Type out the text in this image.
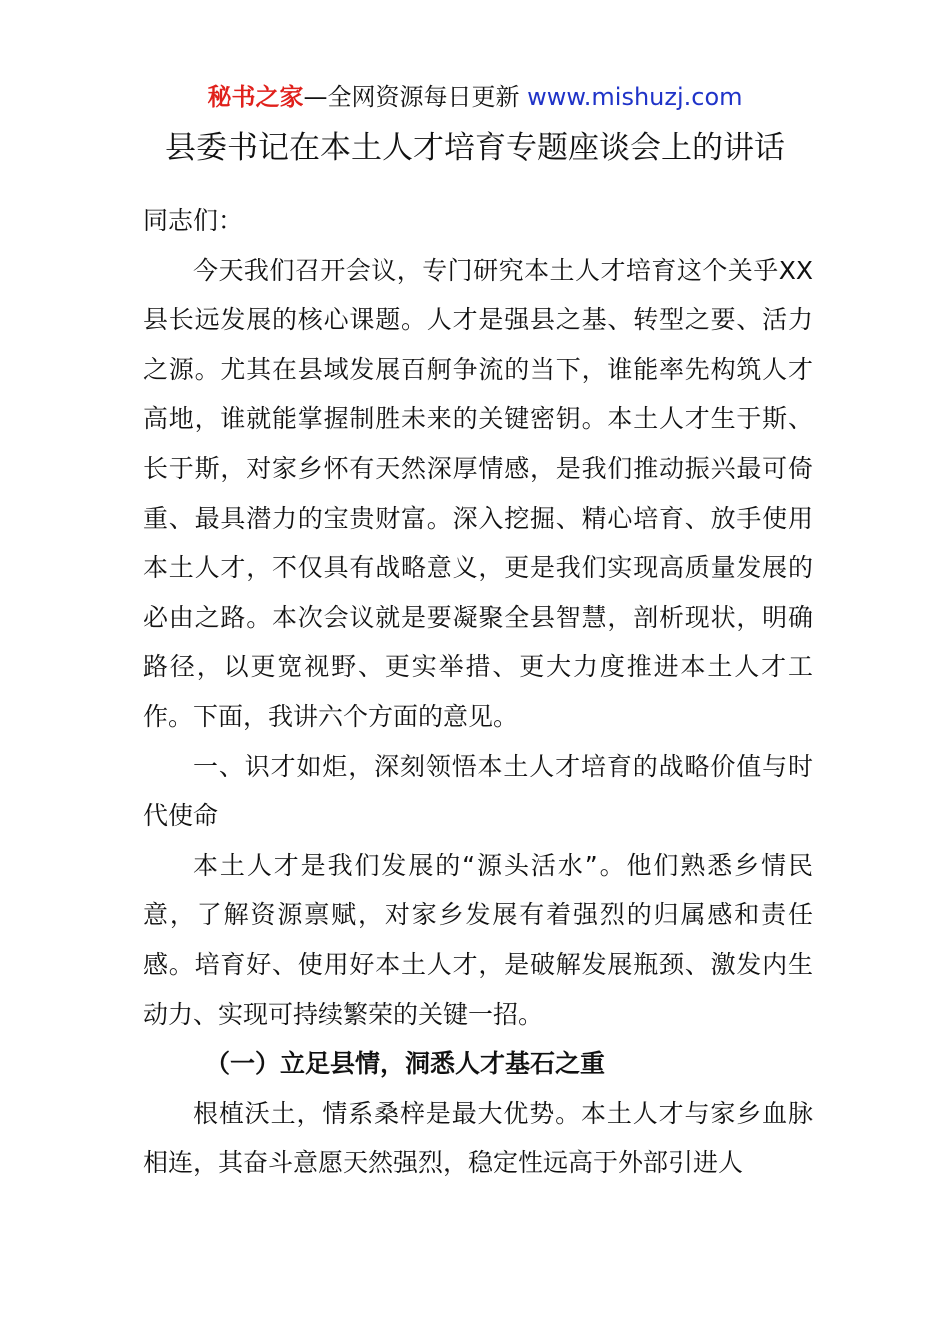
秘书之家—全网资源每日更新 www.mishuzj.com
县委书记在本土人才培育专题座谈会上的讲话

同志们：

今天我们召开会议，专门研究本土人才培育这个关乎XX县长远发展的核心课题。人才是强县之基、转型之要、活力之源。尤其在县域发展百舸争流的当下，谁能率先构筑人才高地，谁就能掌握制胜未来的关键密钥。本土人才生于斯、长于斯，对家乡怀有天然深厚情感，是我们推动振兴最可倚重、最具潜力的宝贵财富。深入挖掘、精心培育、放手使用本土人才，不仅具有战略意义，更是我们实现高质量发展的必由之路。本次会议就是要凝聚全县智慧，剖析现状，明确路径，以更宽视野、更实举措、更大力度推进本土人才工作。下面，我讲六个方面的意见。

一、识才如炬，深刻领悟本土人才培育的战略价值与时代使命

本土人才是我们发展的“源头活水”。他们熟悉乡情民意，了解资源禀赋，对家乡发展有着强烈的归属感和责任感。培育好、使用好本土人才，是破解发展瓶颈、激发内生动力、实现可持续繁荣的关键一招。

（一）立足县情，洞悉人才基石之重

根植沃土，情系桑梓是最大优势。本土人才与家乡血脉相连，其奋斗意愿天然强烈，稳定性远高于外部引进人
